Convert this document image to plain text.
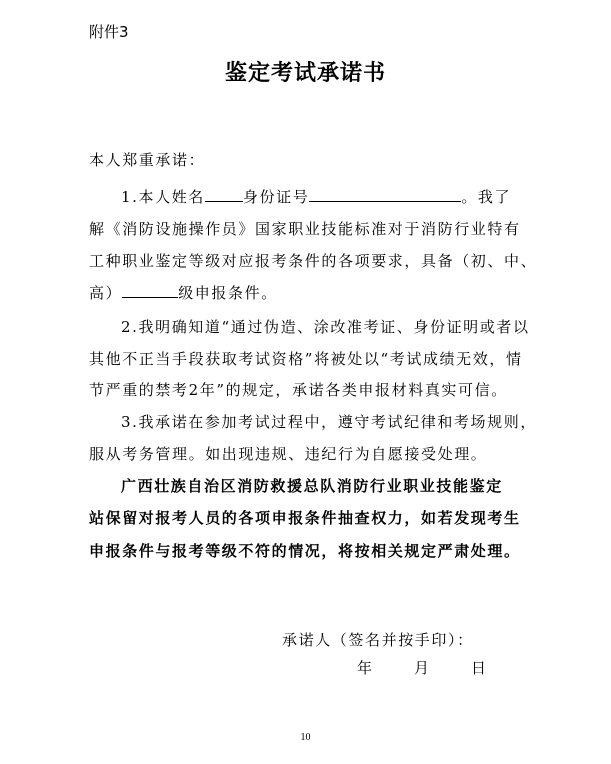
附件3
鉴定考试承诺书
本人郑重承诺：
1.本人姓名	身份证号	。我了
解《消防设施操作员》国家职业技能标准对于消防行业特有
工种职业鉴定等级对应报考条件的各项要求，具备（初、中、
高）	级申报条件。
2.我明确知道“通过伪造、涂改准考证、身份证明或者以
其他不正当手段获取考试资格”将被处以“考试成绩无效，情
节严重的禁考2年”的规定，承诺各类申报材料真实可信。
3.我承诺在参加考试过程中，遵守考试纪律和考场规则，
服从考务管理。如出现违规、违纪行为自愿接受处理。
广西壮族自治区消防救援总队消防行业职业技能鉴定
站保留对报考人员的各项申报条件抽查权力，如若发现考生
申报条件与报考等级不符的情况，将按相关规定严肃处理。
承诺人（签名并按手印）：
年	月	日
10
